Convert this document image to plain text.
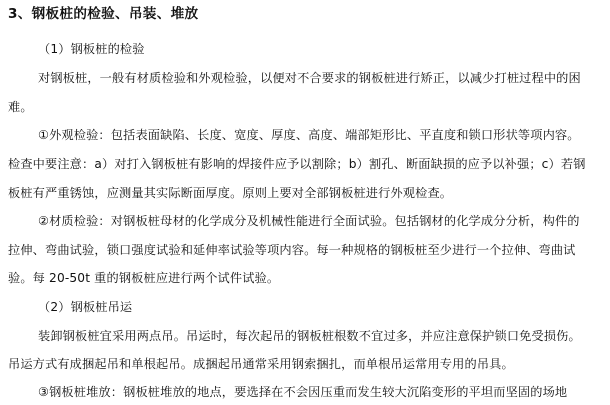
3、钢板桩的检验、吊装、堆放
（1）钢板桩的检验
对钢板桩，一般有材质检验和外观检验，以便对不合要求的钢板桩进行矫正，以减少打桩过程中的困
难。
①外观检验：包括表面缺陷、长度、宽度、厚度、高度、端部矩形比、平直度和锁口形状等项内容。
检查中要注意：a）对打入钢板桩有影响的焊接件应予以割除；b）割孔、断面缺损的应予以补强；c）若钢
板桩有严重锈蚀，应测量其实际断面厚度。原则上要对全部钢板桩进行外观检查。
②材质检验：对钢板桩母材的化学成分及机械性能进行全面试验。包括钢材的化学成分分析，构件的
拉伸、弯曲试验，锁口强度试验和延伸率试验等项内容。每一种规格的钢板桩至少进行一个拉伸、弯曲试
验。每 20-50t 重的钢板桩应进行两个试件试验。
（2）钢板桩吊运
装卸钢板桩宜采用两点吊。吊运时，每次起吊的钢板桩根数不宜过多，并应注意保护锁口免受损伤。
吊运方式有成捆起吊和单根起吊。成捆起吊通常采用钢索捆扎，而单根吊运常用专用的吊具。
③钢板桩堆放：钢板桩堆放的地点，要选择在不会因压重而发生较大沉陷变形的平坦而坚固的场地
